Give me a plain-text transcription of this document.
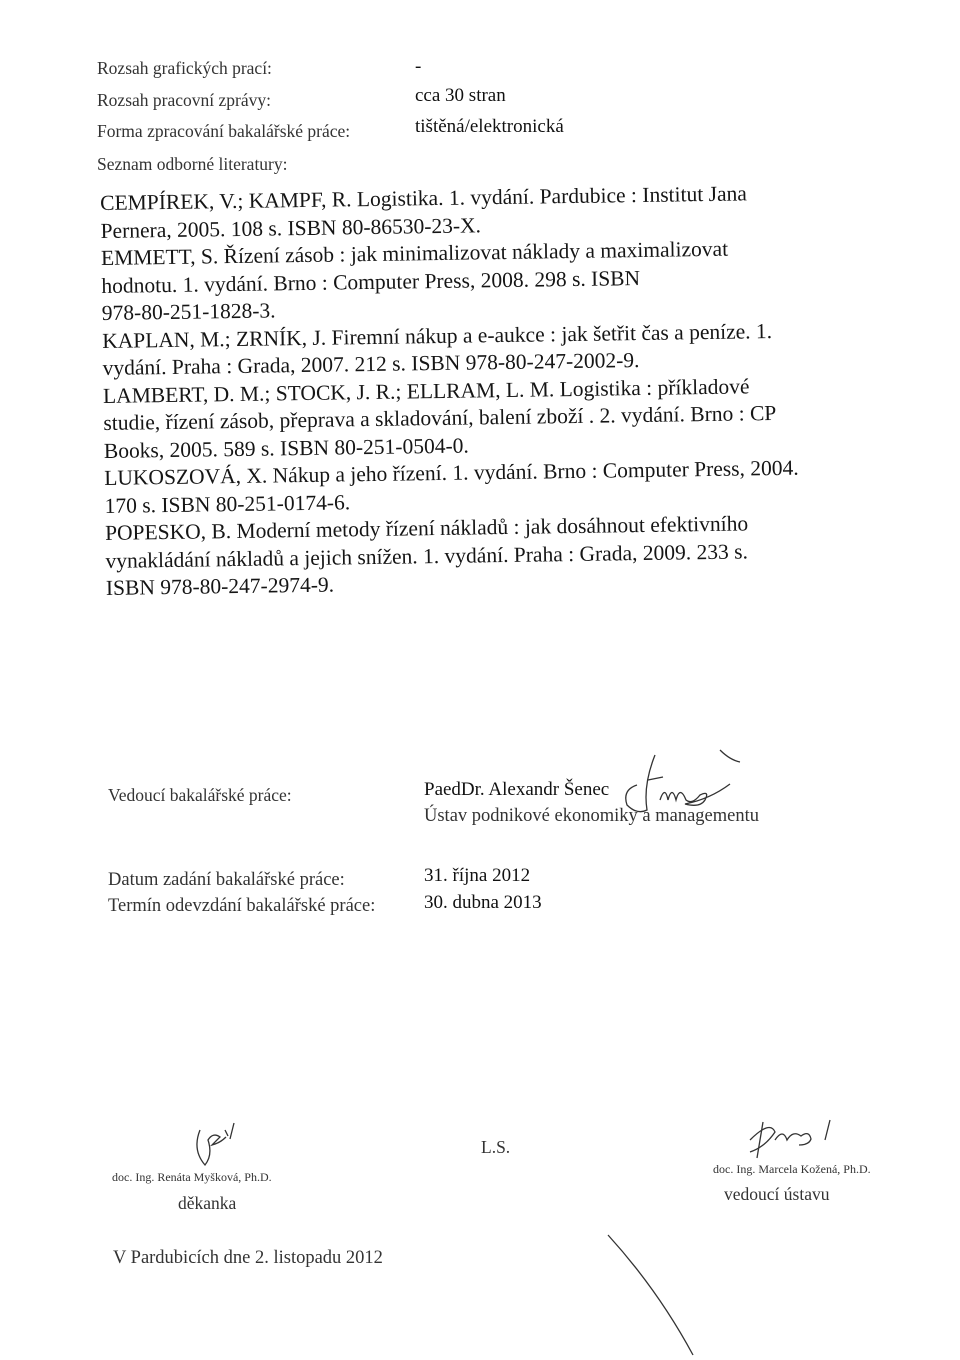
Rozsah grafických prací:	-
Rozsah pracovní zprávy:	cca 30 stran
Forma zpracování bakalářské práce:	tištěná/elektronická
Seznam odborné literatury:
CEMPÍREK, V.; KAMPF, R. Logistika. 1. vydání. Pardubice : Institut Jana
Pernera, 2005. 108 s. ISBN 80-86530-23-X.
EMMETT, S. Řízení zásob : jak minimalizovat náklady a maximalizovat
hodnotu. 1. vydání. Brno : Computer Press, 2008. 298 s. ISBN
978-80-251-1828-3.
KAPLAN, M.; ZRNÍK, J. Firemní nákup a e-aukce : jak šetřit čas a peníze. 1.
vydání. Praha : Grada, 2007. 212 s. ISBN 978-80-247-2002-9.
LAMBERT, D. M.; STOCK, J. R.; ELLRAM, L. M. Logistika : příkladové
studie, řízení zásob, přeprava a skladování, balení zboží . 2. vydání. Brno : CP
Books, 2005. 589 s. ISBN 80-251-0504-0.
LUKOSZOVÁ, X. Nákup a jeho řízení. 1. vydání. Brno : Computer Press, 2004.
170 s. ISBN 80-251-0174-6.
POPESKO, B. Moderní metody řízení nákladů : jak dosáhnout efektivního
vynakládání nákladů a jejich snížen. 1. vydání. Praha : Grada, 2009. 233 s.
ISBN 978-80-247-2974-9.
Vedoucí bakalářské práce:	PaedDr. Alexandr Šenec
Ústav podnikové ekonomiky a managementu
Datum zadání bakalářské práce:	31. října 2012
Termín odevzdání bakalářské práce:	30. dubna 2013
doc. Ing. Renáta Myšková, Ph.D.
děkanka
L.S.
doc. Ing. Marcela Kožená, Ph.D.
vedoucí ústavu
V Pardubicích dne 2. listopadu 2012
